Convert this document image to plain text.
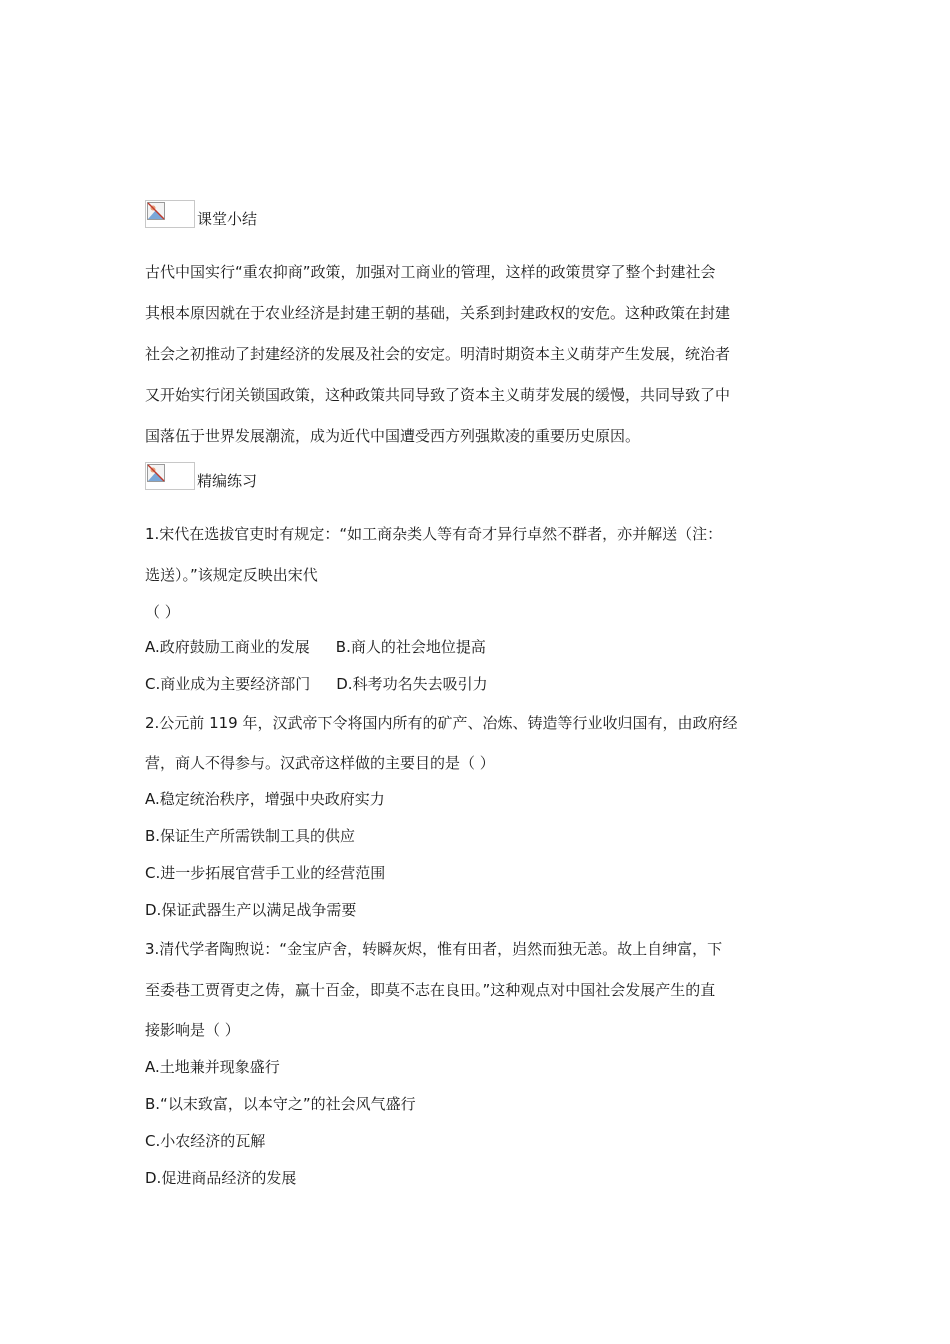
课堂小结
古代中国实行“重农抑商”政策，加强对工商业的管理，这样的政策贯穿了整个封建社会
其根本原因就在于农业经济是封建王朝的基础，关系到封建政权的安危。这种政策在封建
社会之初推动了封建经济的发展及社会的安定。明清时期资本主义萌芽产生发展，统治者
又开始实行闭关锁国政策，这种政策共同导致了资本主义萌芽发展的缓慢，共同导致了中
国落伍于世界发展潮流，成为近代中国遭受西方列强欺凌的重要历史原因。
精编练习
1.宋代在选拔官吏时有规定：“如工商杂类人等有奇才异行卓然不群者，亦并解送（注：
选送）。”该规定反映出宋代
（ ）
A.政府鼓励工商业的发展 B.商人的社会地位提高
C.商业成为主要经济部门 D.科考功名失去吸引力
2.公元前 119 年，汉武帝下令将国内所有的矿产、冶炼、铸造等行业收归国有，由政府经
营，商人不得参与。汉武帝这样做的主要目的是（ ）
A.稳定统治秩序，增强中央政府实力
B.保证生产所需铁制工具的供应
C.进一步拓展官营手工业的经营范围
D.保证武器生产以满足战争需要
3.清代学者陶煦说：“金宝庐舍，转瞬灰烬，惟有田者，岿然而独无恙。故上自绅富，下
至委巷工贾胥吏之俦，赢十百金，即莫不志在良田。”这种观点对中国社会发展产生的直
接影响是（ ）
A.土地兼并现象盛行
B.“以末致富，以本守之”的社会风气盛行
C.小农经济的瓦解
D.促进商品经济的发展
